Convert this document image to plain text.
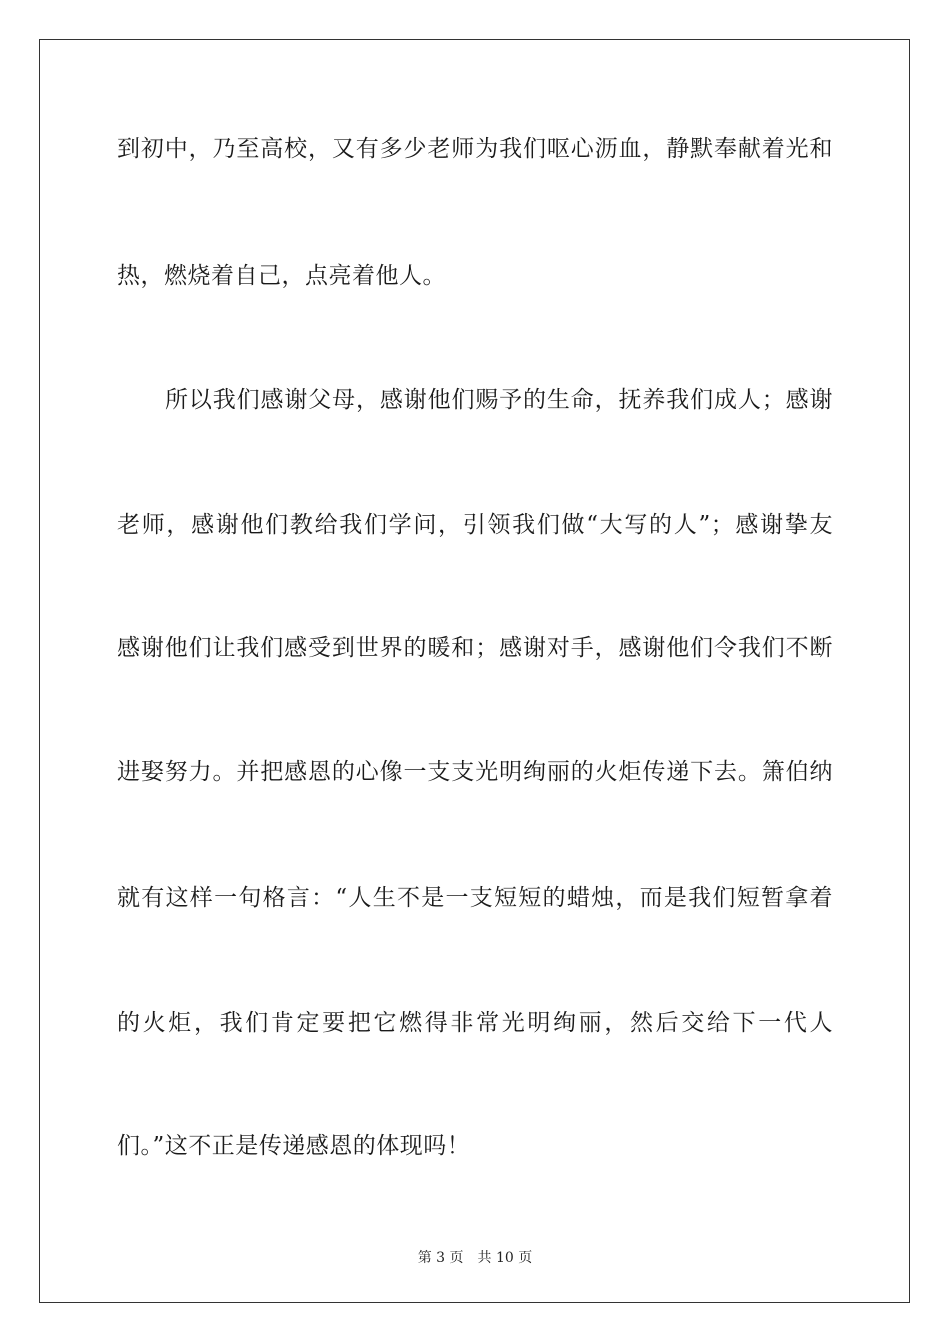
到初中，乃至高校，又有多少老师为我们呕心沥血，静默奉献着光和
热，燃烧着自己，点亮着他人。
所以我们感谢父母，感谢他们赐予的生命，抚养我们成人；感谢
老师，感谢他们教给我们学问，引领我们做“大写的人”；感谢挚友
感谢他们让我们感受到世界的暖和；感谢对手，感谢他们令我们不断
进娶努力。并把感恩的心像一支支光明绚丽的火炬传递下去。箫伯纳
就有这样一句格言：“人生不是一支短短的蜡烛，而是我们短暂拿着
的火炬，我们肯定要把它燃得非常光明绚丽，然后交给下一代人
们。”这不正是传递感恩的体现吗！
第 3 页 共 10 页
